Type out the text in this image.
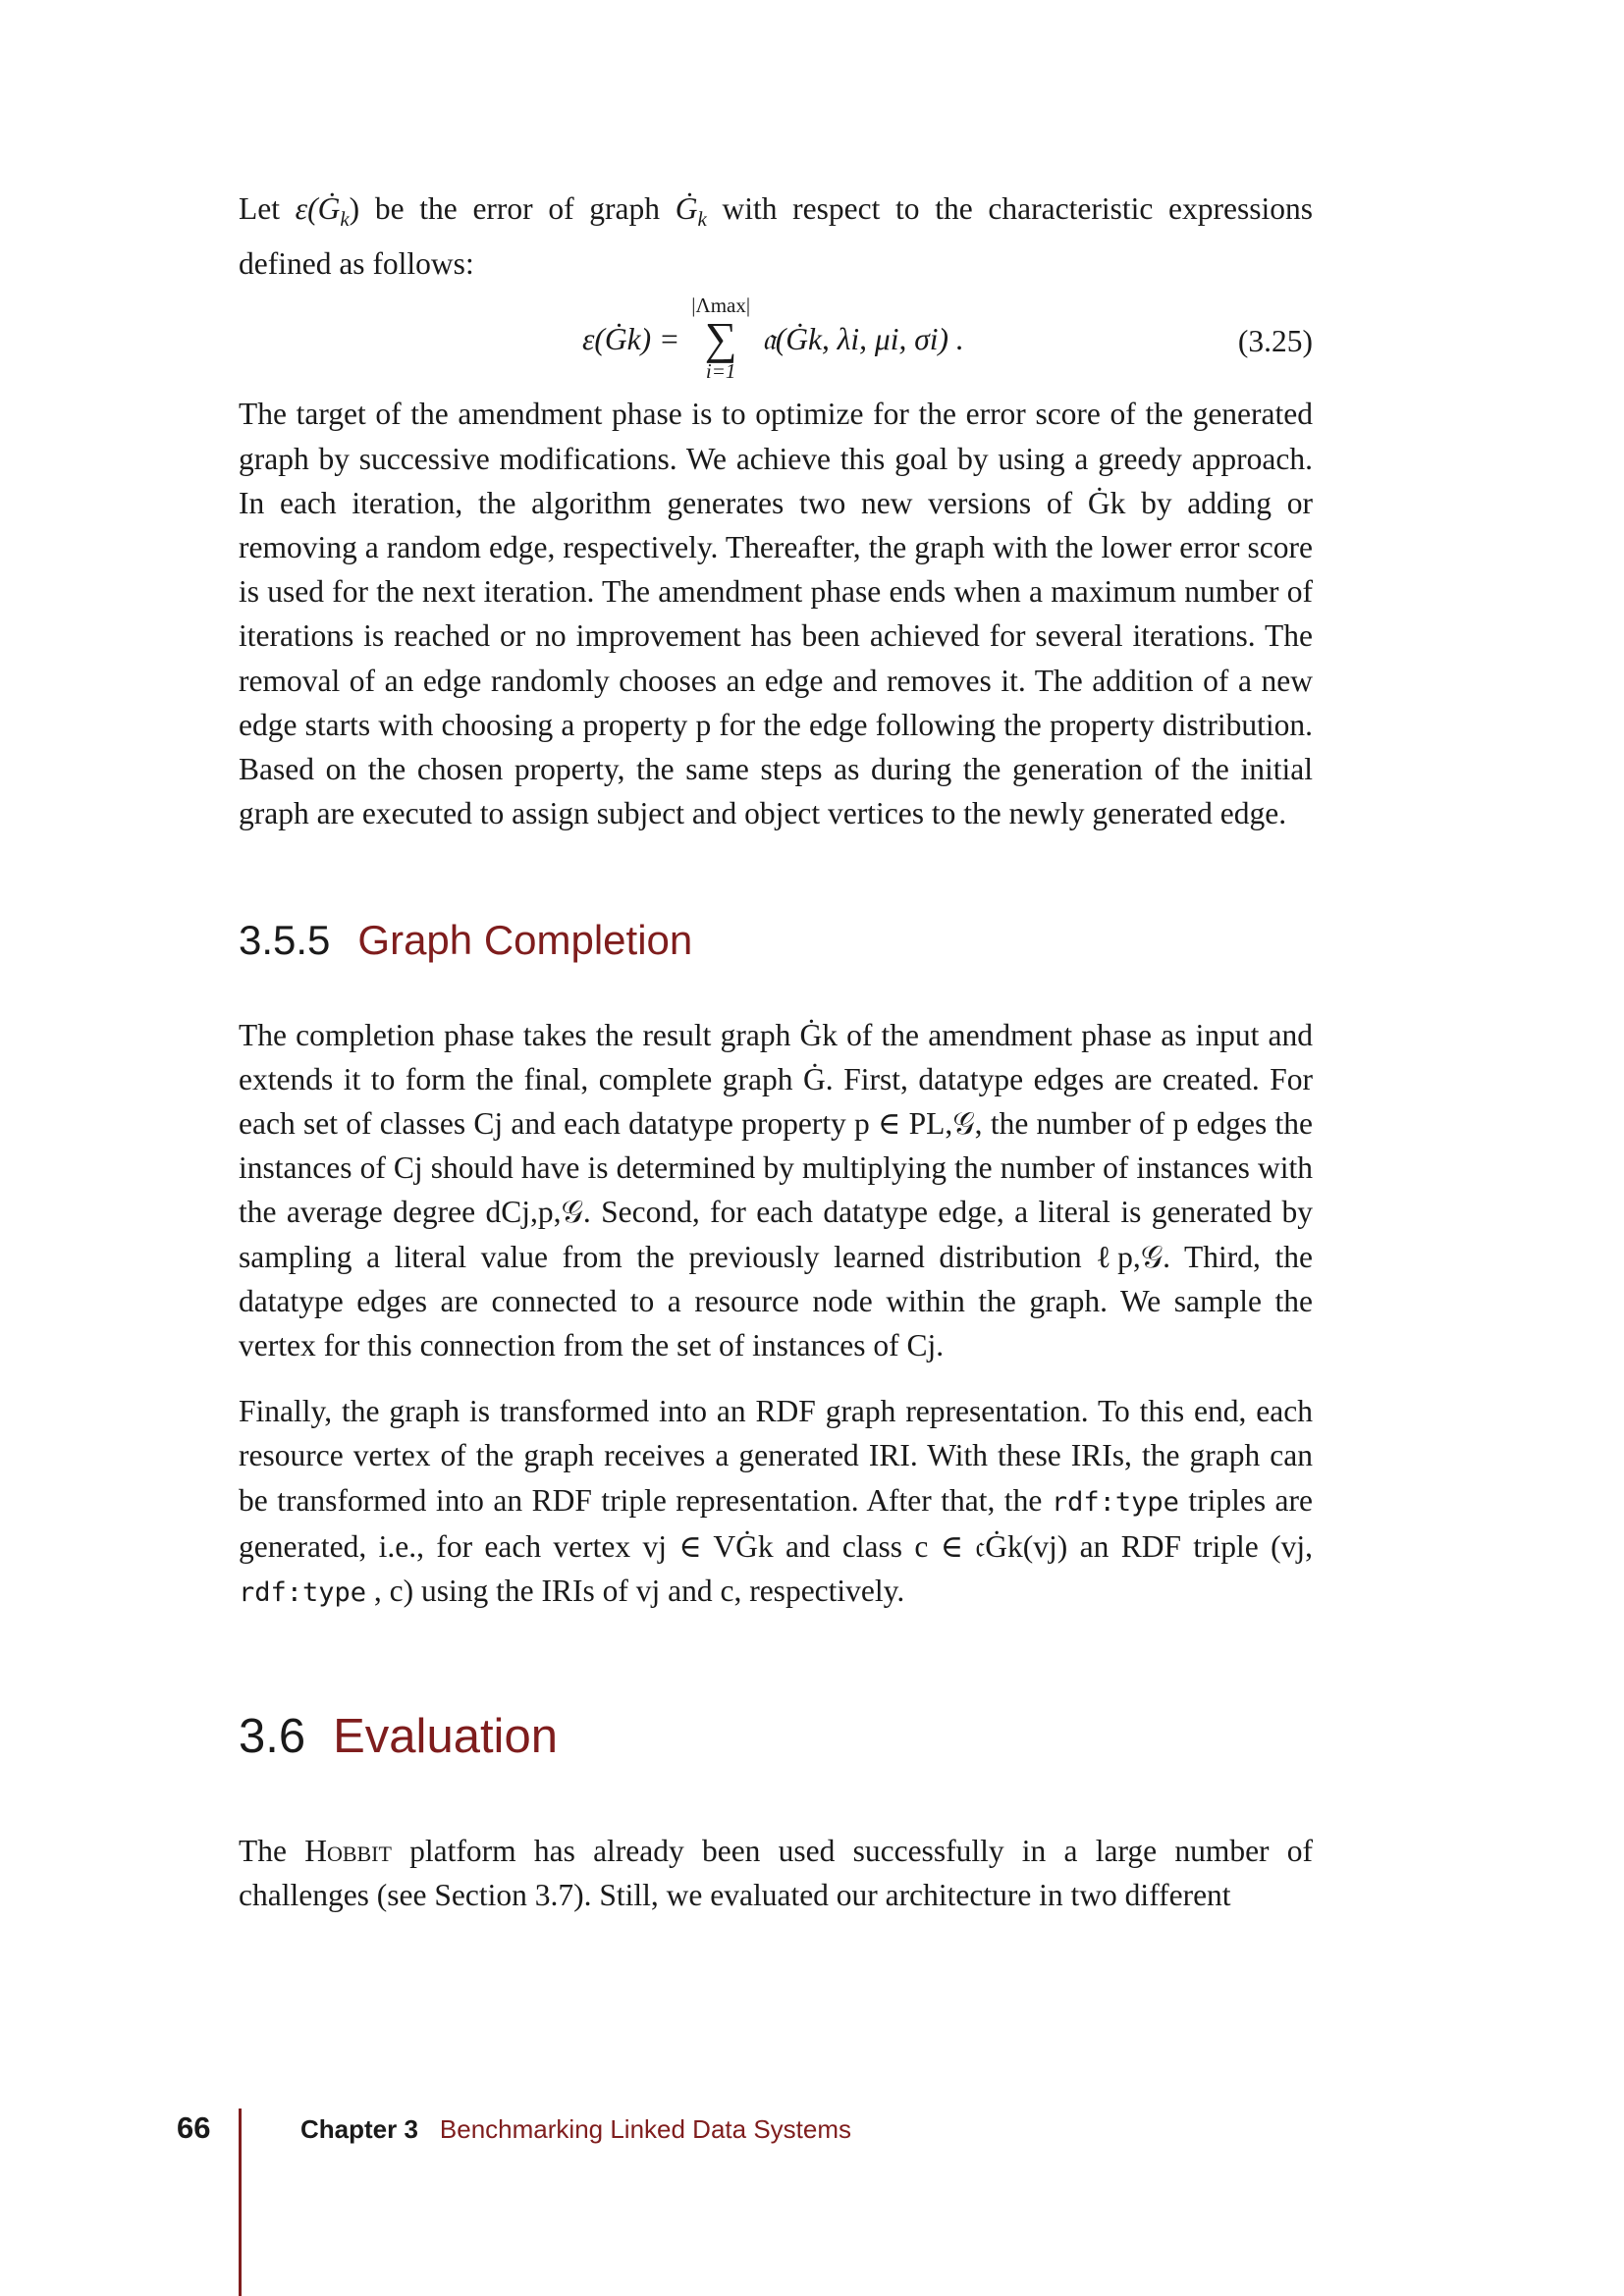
Let $\varepsilon(Ġ_k)$ be the error of graph $Ġ_k$ with respect to the characteristic expressions defined as follows:

ε(Ġk) =
|Λmax|
∑
i=1
𝔞(Ġk, λi, μi, σi) .	(3.25)

The target of the amendment phase is to optimize for the error score of the generated graph by successive modifications. We achieve this goal by using a greedy approach. In each iteration, the algorithm generates two new versions of Ġk by adding or removing a random edge, respectively. Thereafter, the graph with the lower error score is used for the next iteration. The amendment phase ends when a maximum number of iterations is reached or no improvement has been achieved for several iterations. The removal of an edge randomly chooses an edge and removes it. The addition of a new edge starts with choosing a property p for the edge following the property distribution. Based on the chosen property, the same steps as during the generation of the initial graph are executed to assign subject and object vertices to the newly generated edge.

3.5.5 Graph Completion

The completion phase takes the result graph Ġk of the amendment phase as input and extends it to form the final, complete graph Ġ. First, datatype edges are created. For each set of classes Cj and each datatype property p ∈ PL,𝒢, the number of p edges the instances of Cj should have is determined by multiplying the number of instances with the average degree dCj,p,𝒢. Second, for each datatype edge, a literal is generated by sampling a literal value from the previously learned distribution ℓp,𝒢. Third, the datatype edges are connected to a resource node within the graph. We sample the vertex for this connection from the set of instances of Cj.

Finally, the graph is transformed into an RDF graph representation. To this end, each resource vertex of the graph receives a generated IRI. With these IRIs, the graph can be transformed into an RDF triple representation. After that, the rdf:type triples are generated, i.e., for each vertex vj ∈ VĠk and class c ∈ 𝔠Ġk(vj) an RDF triple (vj, rdf:type , c) using the IRIs of vj and c, respectively.

3.6 Evaluation

The Hobbit platform has already been used successfully in a large number of challenges (see Section 3.7). Still, we evaluated our architecture in two different

66	Chapter 3 Benchmarking Linked Data Systems
